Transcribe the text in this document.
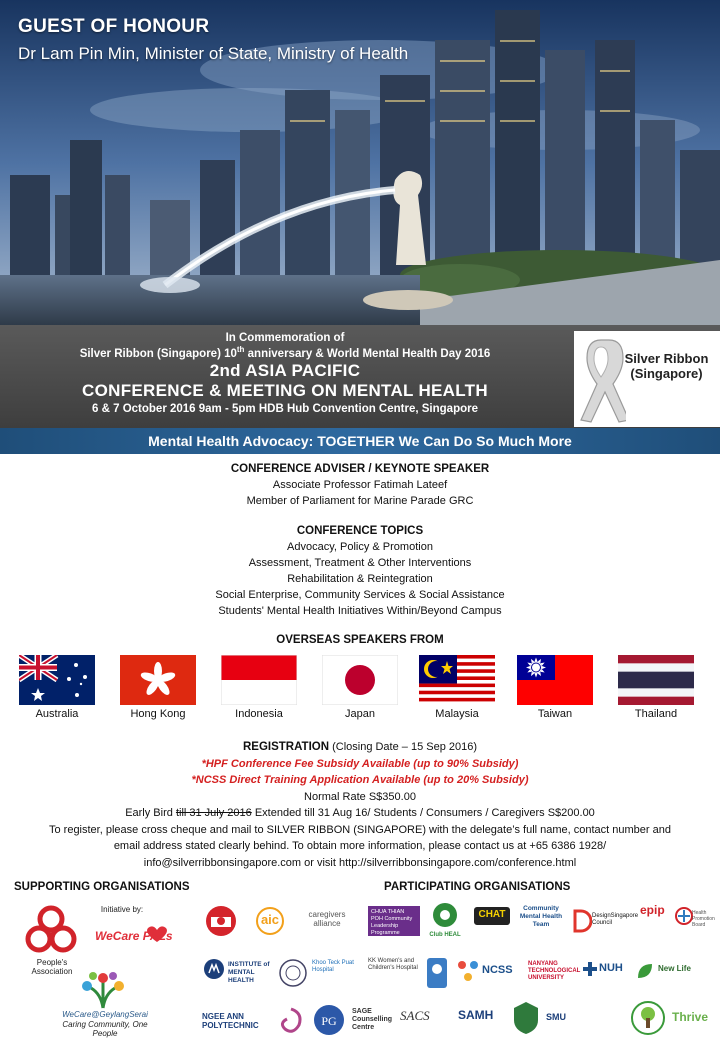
GUEST OF HONOUR
Dr Lam Pin Min, Minister of State, Ministry of Health
In Commemoration of
Silver Ribbon (Singapore) 10th anniversary & World Mental Health Day 2016
2nd ASIA PACIFIC
CONFERENCE & MEETING ON MENTAL HEALTH
6 & 7 October 2016 9am - 5pm HDB Hub Convention Centre, Singapore
Silver Ribbon (Singapore)
Mental Health Advocacy: TOGETHER We Can Do So Much More
CONFERENCE ADVISER / KEYNOTE SPEAKER
Associate Professor Fatimah Lateef
Member of Parliament for Marine Parade GRC
CONFERENCE TOPICS
Advocacy, Policy & Promotion
Assessment, Treatment & Other Interventions
Rehabilitation & Reintegration
Social Enterprise, Community Services & Social Assistance
Students' Mental Health Initiatives Within/Beyond Campus
OVERSEAS SPEAKERS FROM
Australia	Hong Kong	Indonesia	Japan	Malaysia	Taiwan	Thailand
REGISTRATION (Closing Date – 15 Sep 2016)
*HPF Conference Fee Subsidy Available (up to 90% Subsidy)
*NCSS Direct Training Application Available (up to 20% Subsidy)
Normal Rate S$350.00
Early Bird till 31 July 2016 Extended till 31 Aug 16/ Students / Consumers / Caregivers S$200.00
To register, please cross cheque and mail to SILVER RIBBON (SINGAPORE) with the delegate’s full name, contact number and
email address stated clearly behind. To obtain more information, please contact us at +65 6386 1928/
info@silverribbonsingapore.com or visit http://silverribbonsingapore.com/conference.html
SUPPORTING ORGANISATIONS
People's Association
Initiative by:
WeCare PALs
WeCare@GeylangSerai
Caring Community, One People
PARTICIPATING ORGANISATIONS
aic	caregivers alliance
CHUA THIAN POH Community Leadership Programme	Club HEAL
CHAT
Community Mental Health Team
DesignSingapore Council
epip	Health Promotion Board
INSTITUTE of MENTAL HEALTH
Khoo Teck Puat Hospital
KK Women's and Children's Hospital	NCSS	NANYANG TECHNOLOGICAL UNIVERSITY
NUH	New Life
NGEE ANN POLYTECHNIC	PG
SAGE Counselling Centre
SACS	SAMH	SMU	Thrive
